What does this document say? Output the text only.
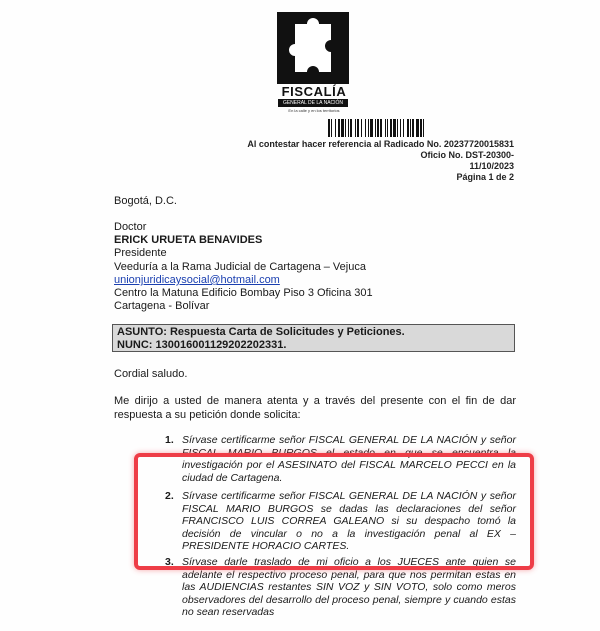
FISCALÍA
GENERAL DE LA NACIÓN
En la calle y en los territorios
Al contestar hacer referencia al Radicado No. 20237720015831
Oficio No. DST-20300-
11/10/2023
Página 1 de 2
Bogotá, D.C.
Doctor
ERICK URUETA BENAVIDES
Presidente
Veeduría a la Rama Judicial de Cartagena – Vejuca
unionjuridicaysocial@hotmail.com
Centro la Matuna Edificio Bombay Piso 3 Oficina 301
Cartagena - Bolívar
ASUNTO: Respuesta Carta de Solicitudes y Peticiones.
NUNC: 130016001129202202331.
Cordial saludo.
Me dirijo a usted de manera atenta y a través del presente con el fin de dar respuesta a su petición donde solicita:
1. Sírvase certificarme señor FISCAL GENERAL DE LA NACIÓN y señor FISCAL MARIO BURGOS el estado en que se encuentra la investigación por el ASESINATO del FISCAL MARCELO PECCI en la ciudad de Cartagena.
2. Sírvase certificarme señor FISCAL GENERAL DE LA NACIÓN y señor FISCAL MARIO BURGOS se dadas las declaraciones del señor FRANCISCO LUIS CORREA GALEANO si su despacho tomó la decisión de vincular o no a la investigación penal al EX – PRESIDENTE HORACIO CARTES.
3. Sírvase darle traslado de mi oficio a los JUECES ante quien se adelante el respectivo proceso penal, para que nos permitan estas en las AUDIENCIAS restantes SIN VOZ y SIN VOTO, solo como meros observadores del desarrollo del proceso penal, siempre y cuando estas no sean reservadas
